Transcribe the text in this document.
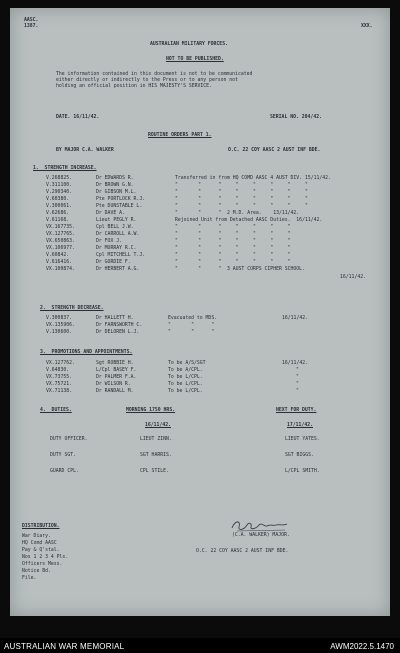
AASC.
1387.	XXX.
AUSTRALIAN MILITARY FORCES.
NOT TO BE PUBLISHED.
The information contained in this document is not to be communicated
either directly or indirectly to the Press or to any person not
holding an official position in HIS MAJESTY'S SERVICE.
DATE. 16/11/42.	SERIAL NO. 204/42.
ROUTINE ORDERS PART 1.
BY MAJOR C.A. WALKER	O.C. 22 COY AASC 2 AUST INF BDE.
1.  STRENGTH INCREASE.
V.268825.	Dr EDWARDS R.	Transferred in from HQ COMD AASC 4 AUST DIV. 15/11/42.
V.311100.	Dr BROWN G.N.	"       "      "     "     "     "     "     "
V.290340.	Dr GIBSON M.L.	"       "      "     "     "     "     "     "
V.60380.	Pte PORTLOCK R.J.	"       "      "     "     "     "     "     "
V.300061.	Pte DUNSTABLE L.	"       "      "     "     "     "     "     "
V.62686.	Dr DAVE A.	"       "      "  2 M.D. Area.    13/11/42.
V.61168.	Lieut PEGLY R.	Rejoined Unit from Detached AASC Duties.  16/11/42.
VX.167735.	Cpl BELL J.W.	"       "      "     "     "     "     "
VX.127765.	Dr CARROLL A.W.	"       "      "     "     "     "     "
VX.650863.	Dr FOX J.	"       "      "     "     "     "     "
VX.106977.	Dr MURRAY R.C.	"       "      "     "     "     "     "
V.60842.	Cpl MITCHELL T.J.	"       "      "     "     "     "     "
V.616416.	Dr GORDIE F.	"       "      "     "     "     "     "
VX.100874.	Dr HERBERT A.G.	"       "      "  3 AUST CORPS CIPHER SCHOOL.
16/11/42.
2.  STRENGTH DECREASE.
V.300837.	Dr HALLETT H.	Evacuated to MDS.	16/11/42.
VX.135906.	Dr FARNSWORTH C.	"       "      "
V.130600.	Dr DELOREN L.J.	"       "      "
3.  PROMOTIONS AND APPOINTMENTS.
VX.127762.	Sgt ROBBIE H.	To be A/S/SGT	16/11/42.
V.64830.	L/Cpl BASEY F.	To be A/CPL.	"
VX.73755.	Dr PALMER F.A.	To be L/CPL.	"
VX.75721.	Dr WILSON R.	To be L/CPL.	"
VX.71138.	Dr RANDALL M.	To be L/CPL.	"
4.  DUTIES.	MORNING 1750 HRS.	NEXT FOR DUTY.
16/11/42.	17/11/42.
DUTY OFFICER.	LIEUT ZINN.	LIEUT YATES.
DUTY SGT.	SGT HARRIS.	SGT BIGGS.
GUARD CPL.	CPL STILE.	L/CPL SMITH.
(C.A. WALKER) MAJOR.
O.C. 22 COY AASC 2 AUST INF BDE.
DISTRIBUTION.
War Diary.
HQ Comd AASC
Pay & Q'stal.
Nos 1 2 3 4 Pls.
Officers Mess.
Notice Bd.
File.
AUSTRALIAN WAR MEMORIAL	AWM2022.5.1470
